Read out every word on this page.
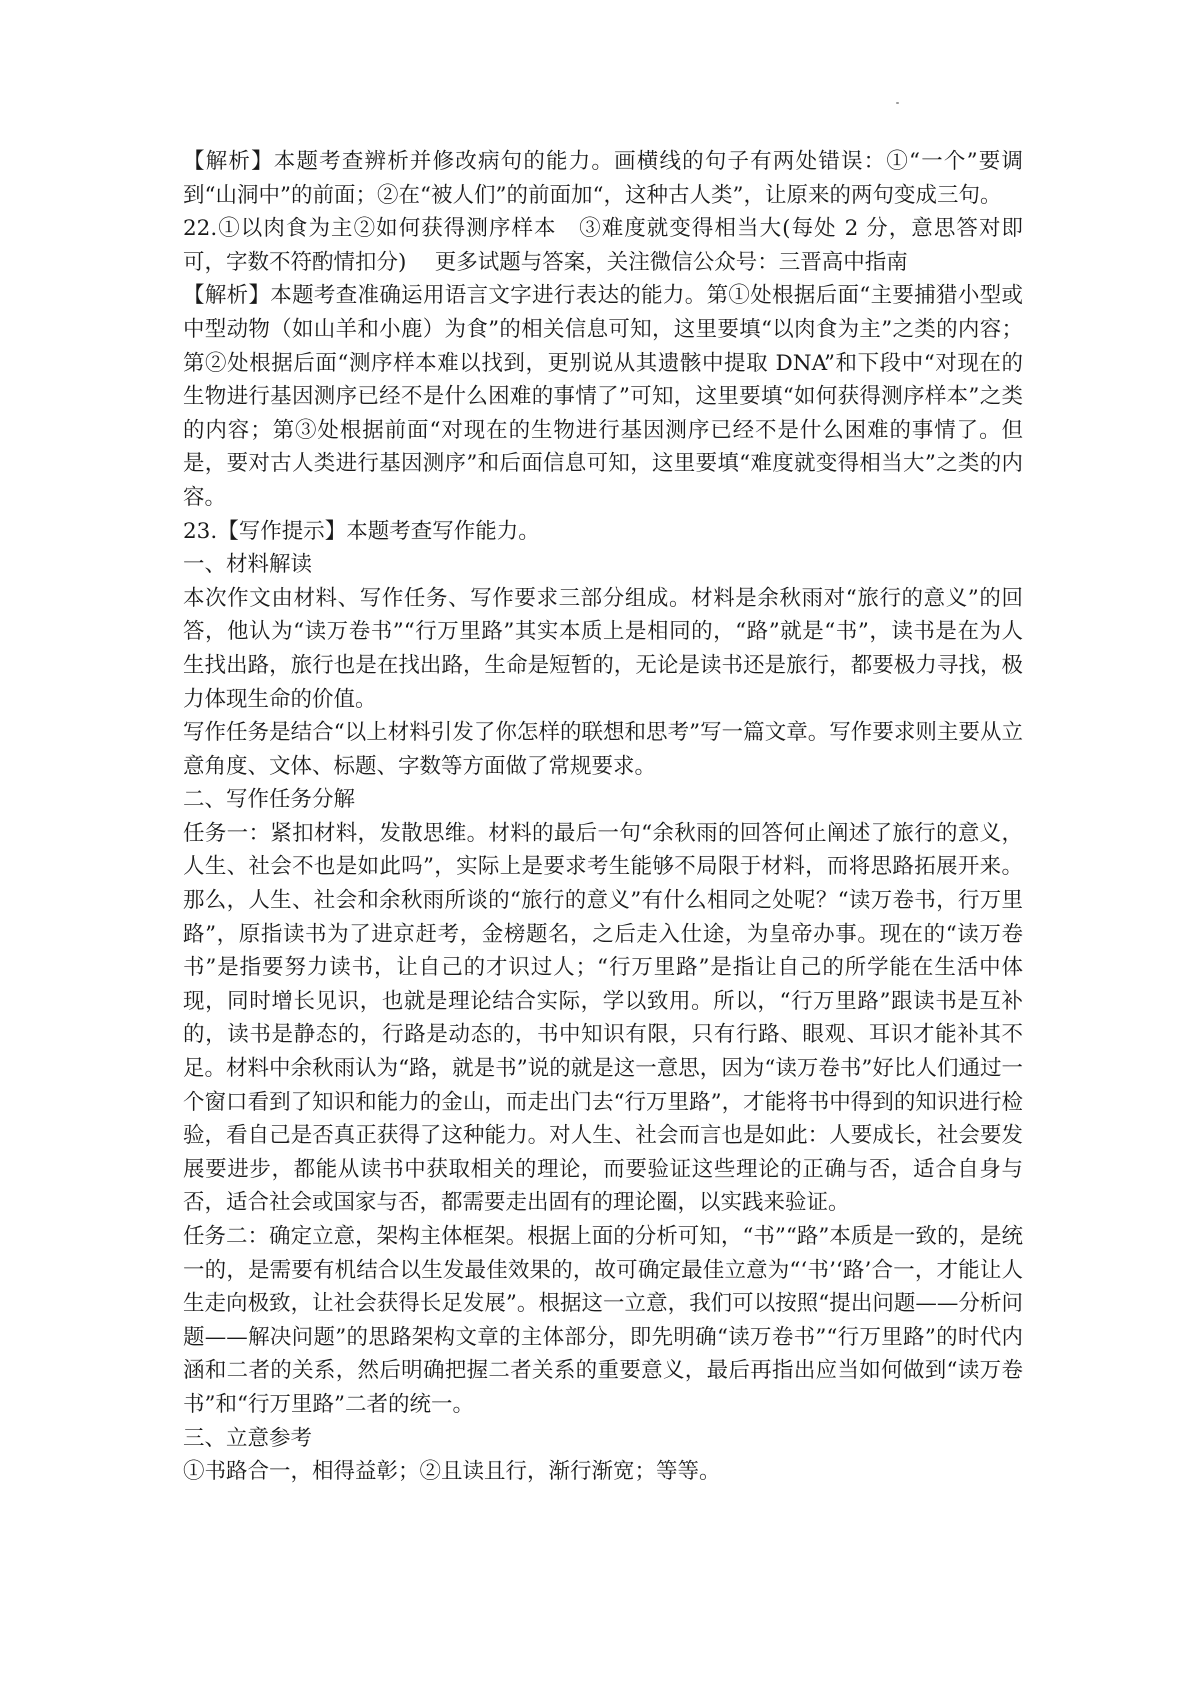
【解析】本题考查辨析并修改病句的能力。画横线的句子有两处错误：①“一个”要调到“山洞中”的前面；②在“被人们”的前面加“，这种古人类”，让原来的两句变成三句。

22.①以肉食为主②如何获得测序样本　③难度就变得相当大(每处 2 分，意思答对即可，字数不符酌情扣分)　 更多试题与答案，关注微信公众号：三晋高中指南

【解析】本题考查准确运用语言文字进行表达的能力。第①处根据后面“主要捕猎小型或中型动物（如山羊和小鹿）为食”的相关信息可知，这里要填“以肉食为主”之类的内容；第②处根据后面“测序样本难以找到，更别说从其遗骸中提取 DNA”和下段中“对现在的生物进行基因测序已经不是什么困难的事情了”可知，这里要填“如何获得测序样本”之类的内容；第③处根据前面“对现在的生物进行基因测序已经不是什么困难的事情了。但是，要对古人类进行基因测序”和后面信息可知，这里要填“难度就变得相当大”之类的内容。

23.【写作提示】本题考查写作能力。

一、材料解读

本次作文由材料、写作任务、写作要求三部分组成。材料是余秋雨对“旅行的意义”的回答，他认为“读万卷书”“行万里路”其实本质上是相同的，“路”就是“书”，读书是在为人生找出路，旅行也是在找出路，生命是短暂的，无论是读书还是旅行，都要极力寻找，极力体现生命的价值。

写作任务是结合“以上材料引发了你怎样的联想和思考”写一篇文章。写作要求则主要从立意角度、文体、标题、字数等方面做了常规要求。

二、写作任务分解

任务一：紧扣材料，发散思维。材料的最后一句“余秋雨的回答何止阐述了旅行的意义，人生、社会不也是如此吗”，实际上是要求考生能够不局限于材料，而将思路拓展开来。那么，人生、社会和余秋雨所谈的“旅行的意义”有什么相同之处呢？“读万卷书，行万里路”，原指读书为了进京赶考，金榜题名，之后走入仕途，为皇帝办事。现在的“读万卷书”是指要努力读书，让自己的才识过人；“行万里路”是指让自己的所学能在生活中体现，同时增长见识，也就是理论结合实际，学以致用。所以，“行万里路”跟读书是互补的，读书是静态的，行路是动态的，书中知识有限，只有行路、眼观、耳识才能补其不足。材料中余秋雨认为“路，就是书”说的就是这一意思，因为“读万卷书”好比人们通过一个窗口看到了知识和能力的金山，而走出门去“行万里路”，才能将书中得到的知识进行检验，看自己是否真正获得了这种能力。对人生、社会而言也是如此：人要成长，社会要发展要进步，都能从读书中获取相关的理论，而要验证这些理论的正确与否，适合自身与否，适合社会或国家与否，都需要走出固有的理论圈，以实践来验证。

任务二：确定立意，架构主体框架。根据上面的分析可知，“书”“路”本质是一致的，是统一的，是需要有机结合以生发最佳效果的，故可确定最佳立意为“‘书’‘路’合一，才能让人生走向极致，让社会获得长足发展”。根据这一立意，我们可以按照“提出问题——分析问题——解决问题”的思路架构文章的主体部分，即先明确“读万卷书”“行万里路”的时代内涵和二者的关系，然后明确把握二者关系的重要意义，最后再指出应当如何做到“读万卷书”和“行万里路”二者的统一。

三、立意参考

①书路合一，相得益彰；②且读且行，渐行渐宽；等等。
